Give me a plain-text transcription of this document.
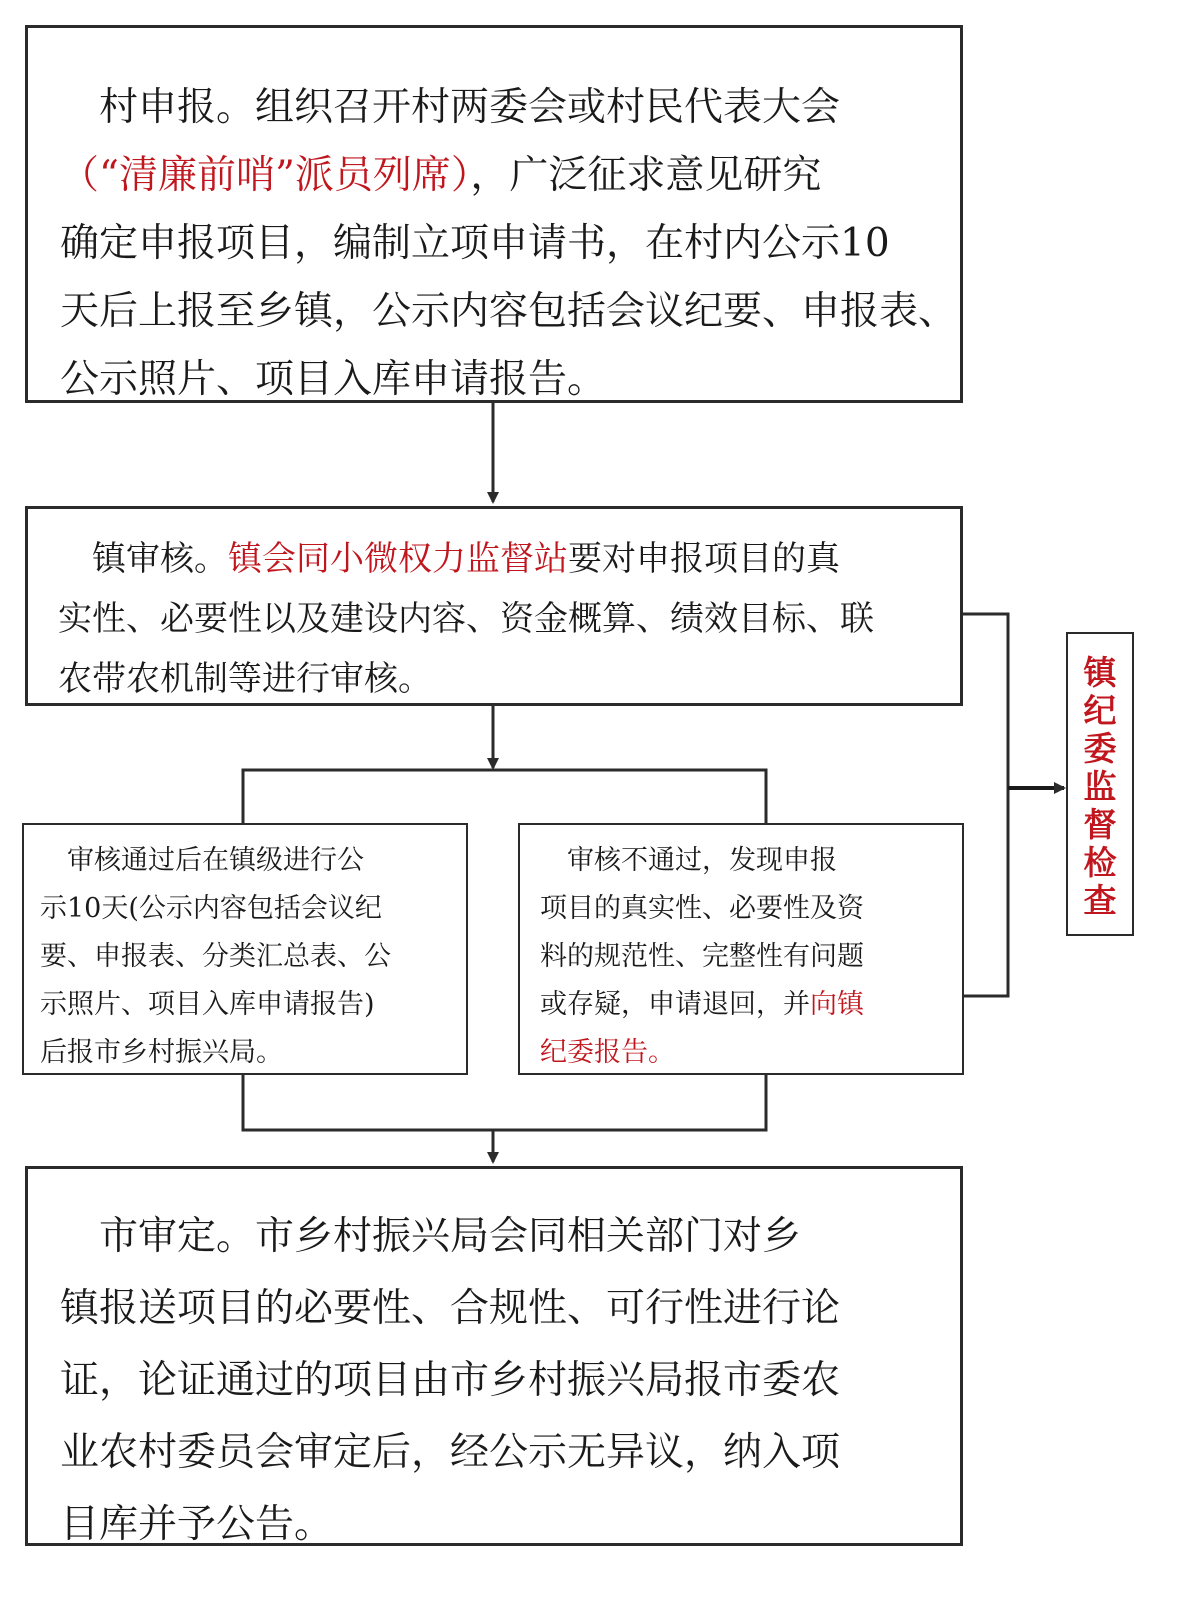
　村申报。组织召开村两委会或村民代表大会
（“清廉前哨”派员列席），广泛征求意见研究
确定申报项目，编制立项申请书，在村内公示10
天后上报至乡镇，公示内容包括会议纪要、申报表、
公示照片、项目入库申请报告。
　镇审核。镇会同小微权力监督站要对申报项目的真
实性、必要性以及建设内容、资金概算、绩效目标、联
农带农机制等进行审核。
　审核通过后在镇级进行公
示10天(公示内容包括会议纪
要、申报表、分类汇总表、公
示照片、项目入库申请报告)
后报市乡村振兴局。
　审核不通过，发现申报
项目的真实性、必要性及资
料的规范性、完整性有问题
或存疑，申请退回，并向镇
纪委报告。
　市审定。市乡村振兴局会同相关部门对乡
镇报送项目的必要性、合规性、可行性进行论
证，论证通过的项目由市乡村振兴局报市委农
业农村委员会审定后，经公示无异议，纳入项
目库并予公告。
镇
纪
委
监
督
检
查
